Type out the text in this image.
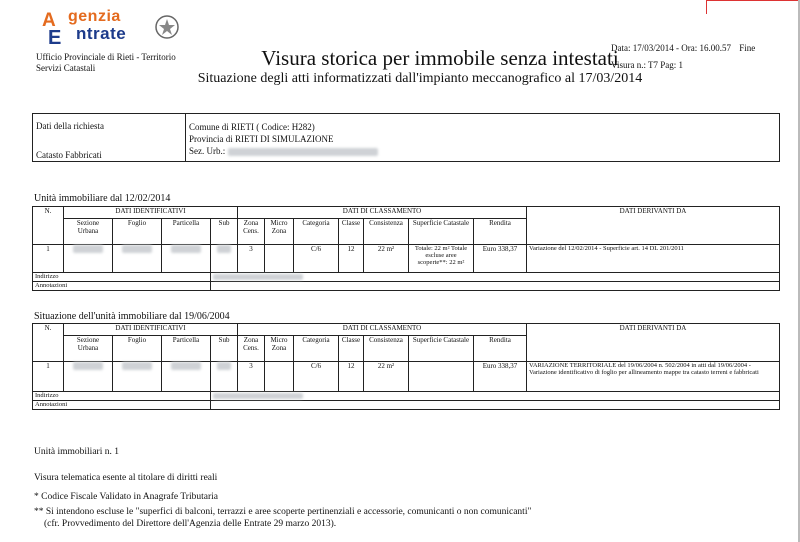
A
E
genzia
ntrate
Ufficio Provinciale di Rieti - Territorio
Servizi Catastali	Visura storica per immobile senza intestati
Situazione degli atti informatizzati dall'impianto meccanografico al 17/03/2014
Data: 17/03/2014 - Ora: 16.00.57 Fine
Visura n.: T7 Pag: 1
Dati della richiesta
Catasto Fabbricati
Comune di RIETI ( Codice: H282)
Provincia di RIETI DI SIMULAZIONE
Sez. Urb.:
Unità immobiliare dal 12/02/2014
N.	DATI IDENTIFICATIVI				DATI DI CLASSAMENTO							DATI DERIVANTI DA
	Sezione Urbana	Foglio	Particella	Sub	Zona Cens.	Micro Zona	Categoria	Classe	Consistenza	Superficie Catastale	Rendita	
1					3		C/6	12	22 m²	Totale: 22 m² Totale escluse aree scoperte**: 22 m²	Euro 338,37	Variazione del 12/02/2014 - Superficie art. 14 DL 201/2011
Indirizzo												
Annotazioni												
Situazione dell'unità immobiliare dal 19/06/2004
N.	DATI IDENTIFICATIVI				DATI DI CLASSAMENTO							DATI DERIVANTI DA
	Sezione Urbana	Foglio	Particella	Sub	Zona Cens.	Micro Zona	Categoria	Classe	Consistenza	Superficie Catastale	Rendita	
1					3		C/6	12	22 m²		Euro 338,37	VARIAZIONE TERRITORIALE del 19/06/2004 n. 502/2004 in atti dal 19/06/2004 - Variazione identificativo di foglio per allineamento mappe tra catasto terreni e fabbricati
Indirizzo												
Annotazioni												
Unità immobiliari n. 1
Visura telematica esente al titolare di diritti reali
* Codice Fiscale Validato in Anagrafe Tributaria
** Si intendono escluse le "superfici di balconi, terrazzi e aree scoperte pertinenziali e accessorie, comunicanti o non comunicanti"
(cfr. Provvedimento del Direttore dell'Agenzia delle Entrate 29 marzo 2013).
